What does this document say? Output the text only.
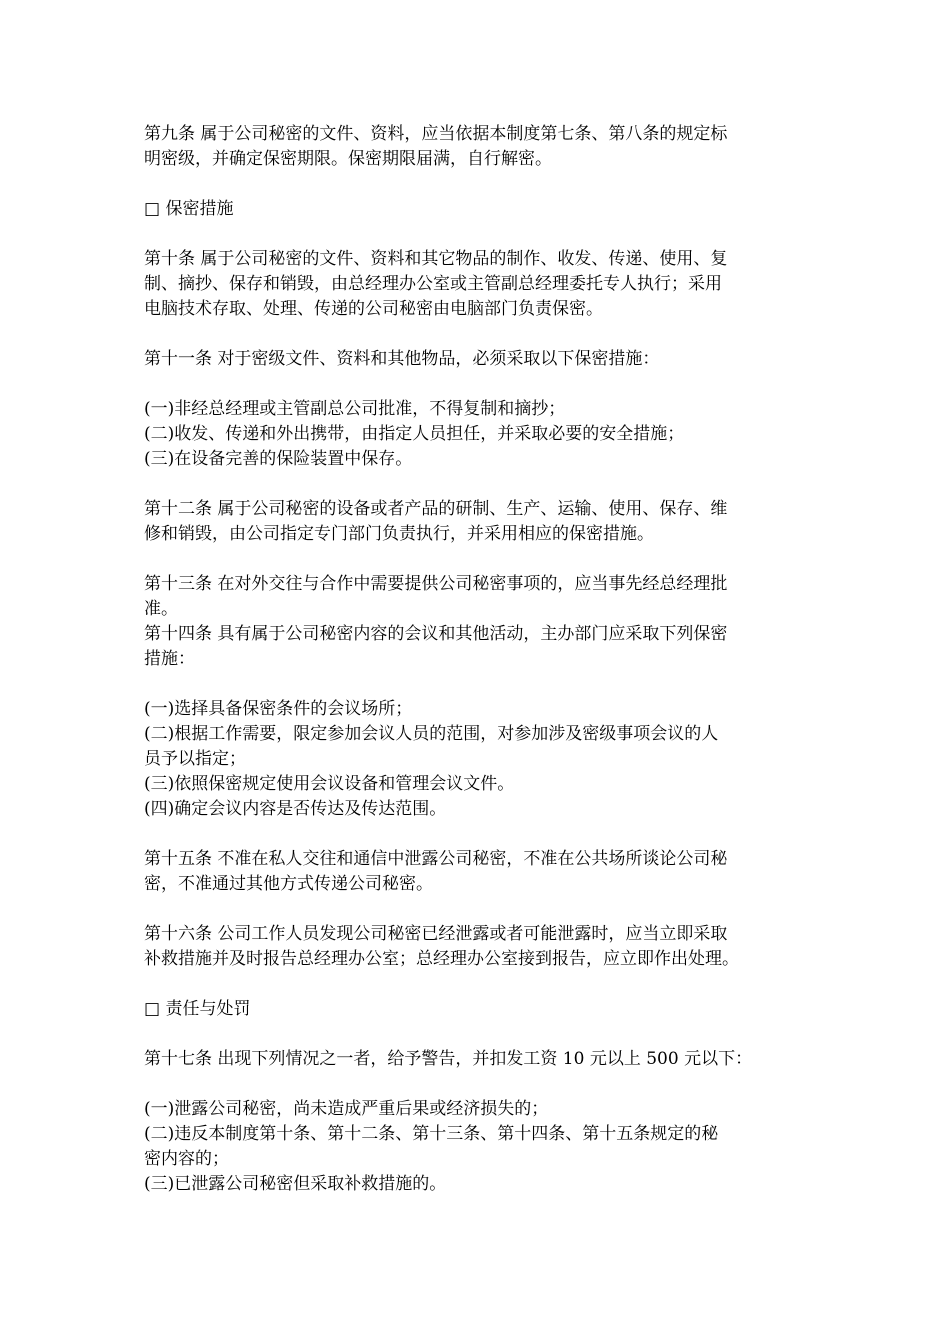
第九条 属于公司秘密的文件、资料，应当依据本制度第七条、第八条的规定标
明密级，并确定保密期限。保密期限届满，自行解密。
□ 保密措施
第十条 属于公司秘密的文件、资料和其它物品的制作、收发、传递、使用、复
制、摘抄、保存和销毁，由总经理办公室或主管副总经理委托专人执行；采用
电脑技术存取、处理、传递的公司秘密由电脑部门负责保密。
第十一条 对于密级文件、资料和其他物品，必须采取以下保密措施：
(一)非经总经理或主管副总公司批准，不得复制和摘抄；
(二)收发、传递和外出携带，由指定人员担任，并采取必要的安全措施；
(三)在设备完善的保险装置中保存。
第十二条 属于公司秘密的设备或者产品的研制、生产、运输、使用、保存、维
修和销毁，由公司指定专门部门负责执行，并采用相应的保密措施。
第十三条 在对外交往与合作中需要提供公司秘密事项的，应当事先经总经理批
准。
第十四条 具有属于公司秘密内容的会议和其他活动，主办部门应采取下列保密
措施：
(一)选择具备保密条件的会议场所；
(二)根据工作需要，限定参加会议人员的范围，对参加涉及密级事项会议的人
员予以指定；
(三)依照保密规定使用会议设备和管理会议文件。
(四)确定会议内容是否传达及传达范围。
第十五条 不准在私人交往和通信中泄露公司秘密，不准在公共场所谈论公司秘
密，不准通过其他方式传递公司秘密。
第十六条 公司工作人员发现公司秘密已经泄露或者可能泄露时，应当立即采取
补救措施并及时报告总经理办公室；总经理办公室接到报告，应立即作出处理。
□ 责任与处罚
第十七条 出现下列情况之一者，给予警告，并扣发工资 10 元以上 500 元以下：
(一)泄露公司秘密，尚未造成严重后果或经济损失的；
(二)违反本制度第十条、第十二条、第十三条、第十四条、第十五条规定的秘
密内容的；
(三)已泄露公司秘密但采取补救措施的。
